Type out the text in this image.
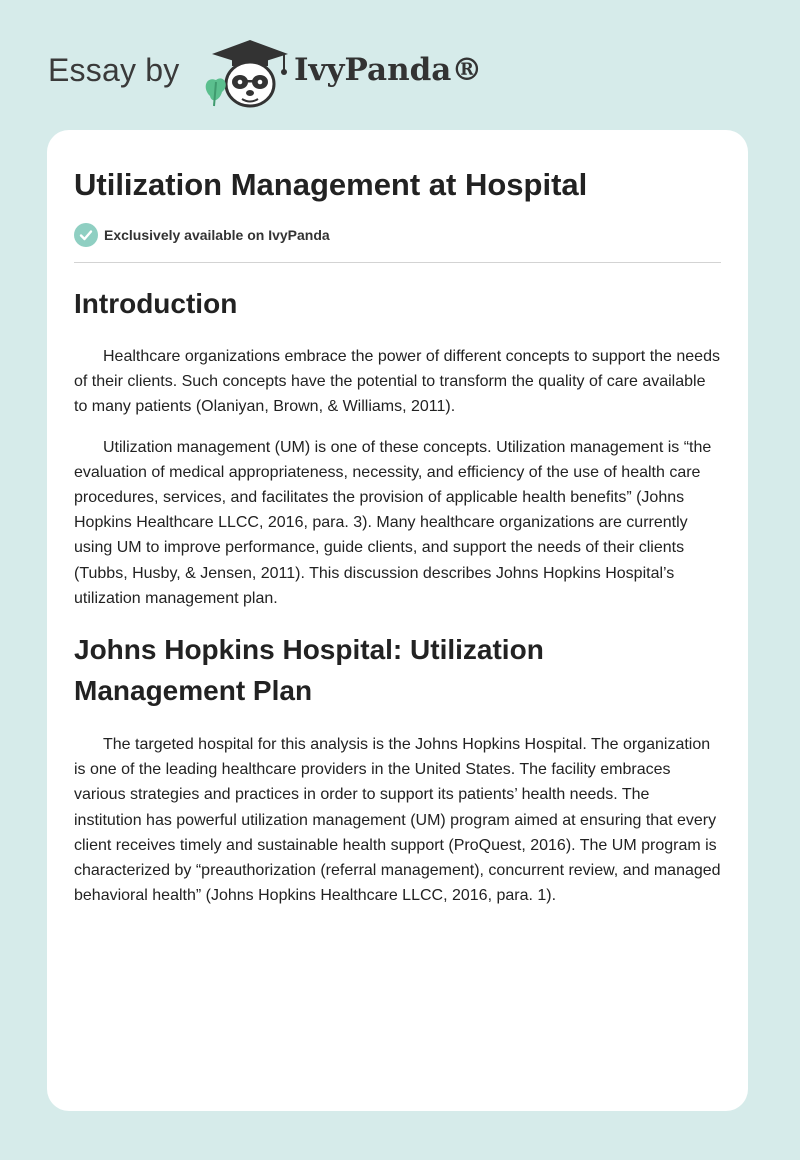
Essay by	IvyPanda®
Utilization Management at Hospital
Exclusively available on IvyPanda
Introduction

Healthcare organizations embrace the power of different concepts to support the needs of their clients. Such concepts have the potential to transform the quality of care available to many patients (Olaniyan, Brown, & Williams, 2011).

Utilization management (UM) is one of these concepts. Utilization management is “the evaluation of medical appropriateness, necessity, and efficiency of the use of health care procedures, services, and facilitates the provision of applicable health benefits” (Johns Hopkins Healthcare LLCC, 2016, para. 3). Many healthcare organizations are currently using UM to improve performance, guide clients, and support the needs of their clients (Tubbs, Husby, & Jensen, 2011). This discussion describes Johns Hopkins Hospital’s utilization management plan.

Johns Hopkins Hospital: Utilization Management Plan

The targeted hospital for this analysis is the Johns Hopkins Hospital. The organization is one of the leading healthcare providers in the United States. The facility embraces various strategies and practices in order to support its patients’ health needs. The institution has powerful utilization management (UM) program aimed at ensuring that every client receives timely and sustainable health support (ProQuest, 2016). The UM program is characterized by “preauthorization (referral management), concurrent review, and managed behavioral health” (Johns Hopkins Healthcare LLCC, 2016, para. 1).
